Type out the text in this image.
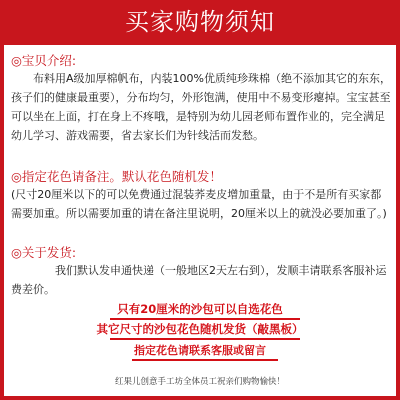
买家购物须知
◎宝贝介绍:

布料用A级加厚棉帆布，内装100%优质纯珍珠棉（绝不添加其它的东东，孩子们的健康最重要），分布均匀，外形饱满，使用中不易变形瘪掉。宝宝甚至可以坐在上面，打在身上不疼哦，是特别为幼儿园老师布置作业的，完全满足幼儿学习、游戏需要，省去家长们为针线活而发愁。

◎指定花色请备注。默认花色随机发！

(尺寸20厘米以下的可以免费通过混装荞麦皮增加重量，由于不是所有买家都需要加重。所以需要加重的请在备注里说明，20厘米以上的就没必要加重了。)

◎关于发货:

我们默认发申通快递（一般地区2天左右到），发顺丰请联系客服补运费差价。

只有20厘米的沙包可以自选花色
其它尺寸的沙包花色随机发货（敲黑板）
指定花色请联系客服或留言
红果儿创意手工坊全体员工祝亲们购物愉快！
